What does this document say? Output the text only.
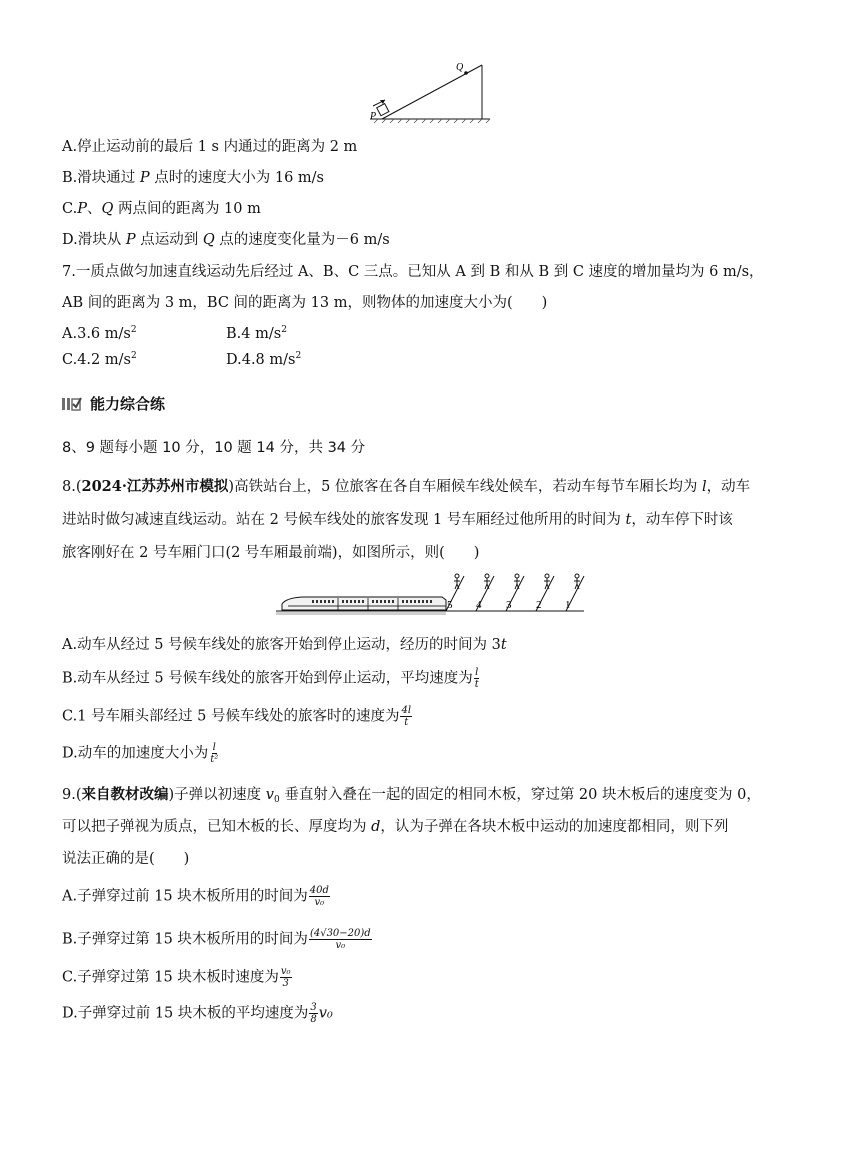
Q
P
A.停止运动前的最后 1 s 内通过的距离为 2 m
B.滑块通过 P 点时的速度大小为 16 m/s
C.P、Q 两点间的距离为 10 m
D.滑块从 P 点运动到 Q 点的速度变化量为－6 m/s
7.一质点做匀加速直线运动先后经过 A、B、C 三点。已知从 A 到 B 和从 B 到 C 速度的增加量均为 6 m/s，
AB 间的距离为 3 m，BC 间的距离为 13 m，则物体的加速度大小为(　　)
A.3.6 $m/s^2$	B.4 $m/s^2$
C.4.2 $m/s^2$	D.4.8 $m/s^2$
能力综合练
8、9 题每小题 10 分，10 题 14 分，共 34 分
8.(2024·江苏苏州市模拟)高铁站台上，5 位旅客在各自车厢候车线处候车，若动车每节车厢长均为 l，动车
进站时做匀减速直线运动。站在 2 号候车线处的旅客发现 1 号车厢经过他所用的时间为 t，动车停下时该
旅客刚好在 2 号车厢门口(2 号车厢最前端)，如图所示，则(　　)
5 4 3 2 1
A.动车从经过 5 号候车线处的旅客开始到停止运动，经历的时间为 3t
B.动车从经过 5 号候车线处的旅客开始到停止运动，平均速度为 $\frac{l}{t}$
C.1 号车厢头部经过 5 号候车线处的旅客时的速度为 $\frac{4l}{t}$
D.动车的加速度大小为 $\frac{l}{\text{t²}}$
9.(来自教材改编)子弹以初速度 $v_0$ 垂直射入叠在一起的固定的相同木板，穿过第 20 块木板后的速度变为 0，
可以把子弹视为质点，已知木板的长、厚度均为 d，认为子弹在各块木板中运动的加速度都相同，则下列
说法正确的是(　　)
A.子弹穿过前 15 块木板所用的时间为 $\frac{40d}{\text{v₀}}$
B.子弹穿过第 15 块木板所用的时间为 $\frac{(4√30-20)d}{\text{v₀}}$
C.子弹穿过第 15 块木板时速度为 $\frac{\text{v₀}}{3}$
D.子弹穿过前 15 块木板的平均速度为 $\frac{3}{8} v_0$
